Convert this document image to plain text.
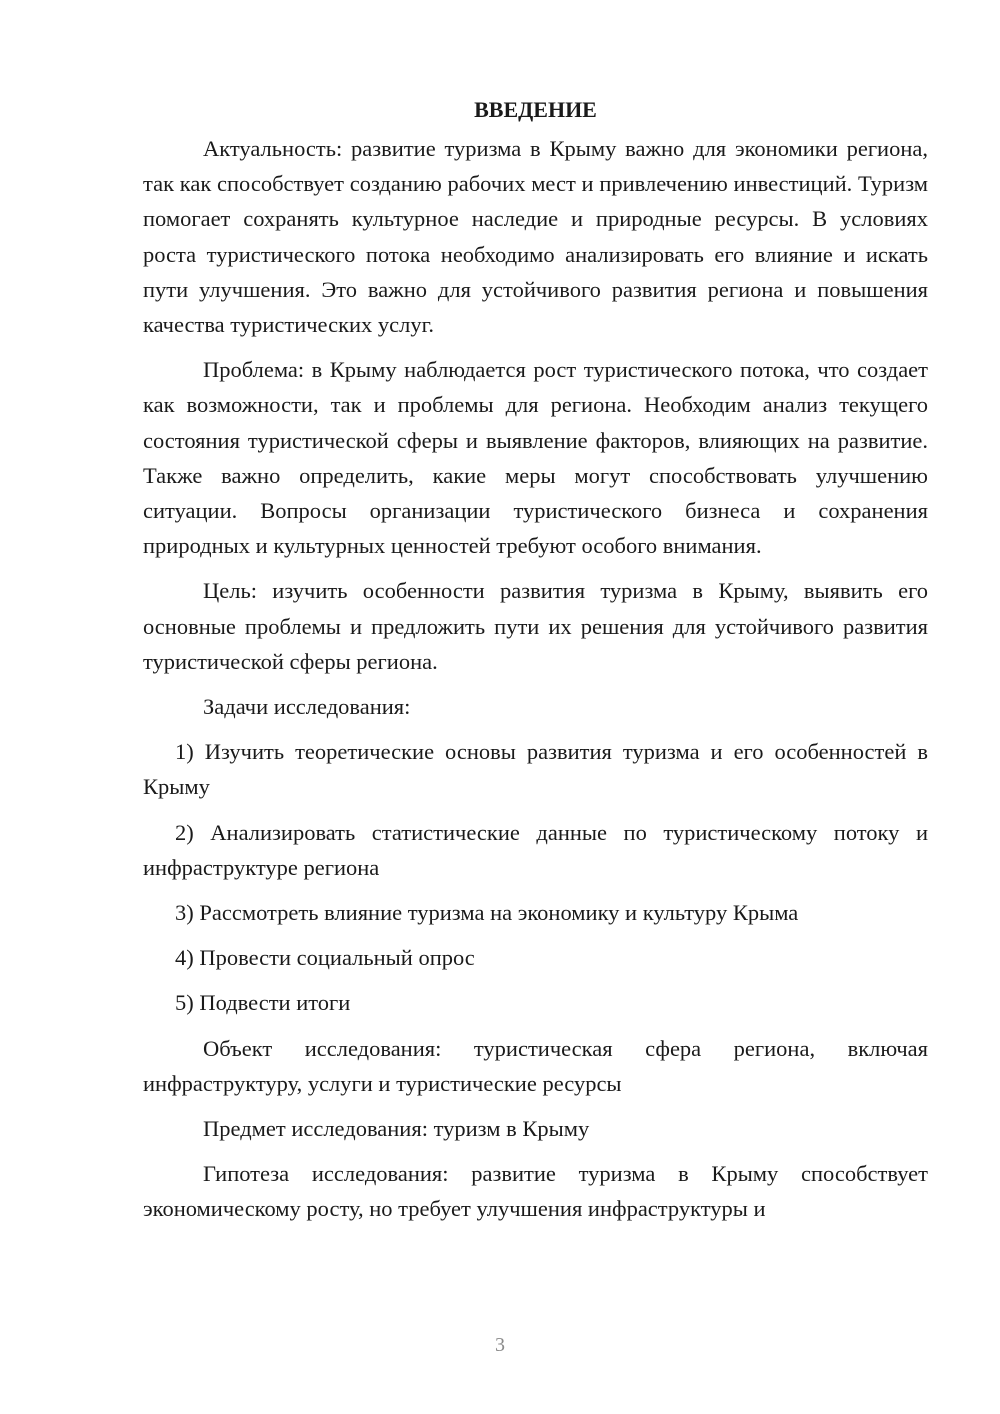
ВВЕДЕНИЕ

Актуальность: развитие туризма в Крыму важно для экономики региона, так как способствует созданию рабочих мест и привлечению инвестиций. Туризм помогает сохранять культурное наследие и природные ресурсы. В условиях роста туристического потока необходимо анализировать его влияние и искать пути улучшения. Это важно для устойчивого развития региона и повышения качества туристических услуг.

Проблема: в Крыму наблюдается рост туристического потока, что создает как возможности, так и проблемы для региона. Необходим анализ текущего состояния туристической сферы и выявление факторов, влияющих на развитие. Также важно определить, какие меры могут способствовать улучшению ситуации. Вопросы организации туристического бизнеса и сохранения природных и культурных ценностей требуют особого внимания.

Цель: изучить особенности развития туризма в Крыму, выявить его основные проблемы и предложить пути их решения для устойчивого развития туристической сферы региона.

Задачи исследования:

1) Изучить теоретические основы развития туризма и его особенностей в Крыму

2) Анализировать статистические данные по туристическому потоку и инфраструктуре региона

3) Рассмотреть влияние туризма на экономику и культуру Крыма

4) Провести социальный опрос

5) Подвести итоги

Объект исследования: туристическая сфера региона, включая инфраструктуру, услуги и туристические ресурсы

Предмет исследования: туризм в Крыму

Гипотеза исследования: развитие туризма в Крыму способствует экономическому росту, но требует улучшения инфраструктуры и

3
